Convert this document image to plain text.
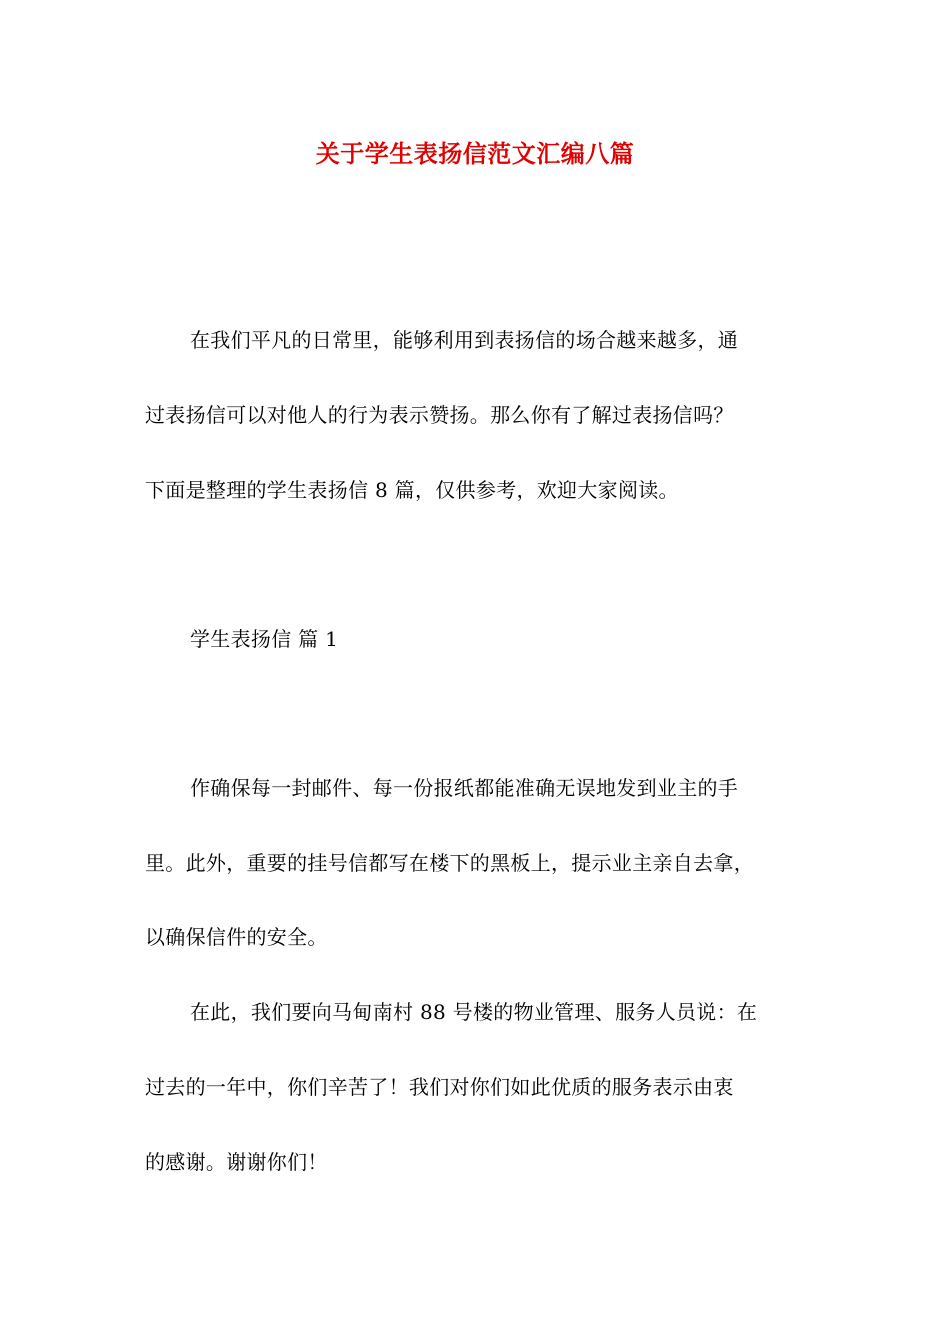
关于学生表扬信范文汇编八篇
在我们平凡的日常里，能够利用到表扬信的场合越来越多，通
过表扬信可以对他人的行为表示赞扬。那么你有了解过表扬信吗？
下面是整理的学生表扬信 8 篇，仅供参考，欢迎大家阅读。
学生表扬信 篇 1
作确保每一封邮件、每一份报纸都能准确无误地发到业主的手
里。此外，重要的挂号信都写在楼下的黑板上，提示业主亲自去拿，
以确保信件的安全。
在此，我们要向马甸南村 88 号楼的物业管理、服务人员说：在
过去的一年中，你们辛苦了！我们对你们如此优质的服务表示由衷
的感谢。谢谢你们！
